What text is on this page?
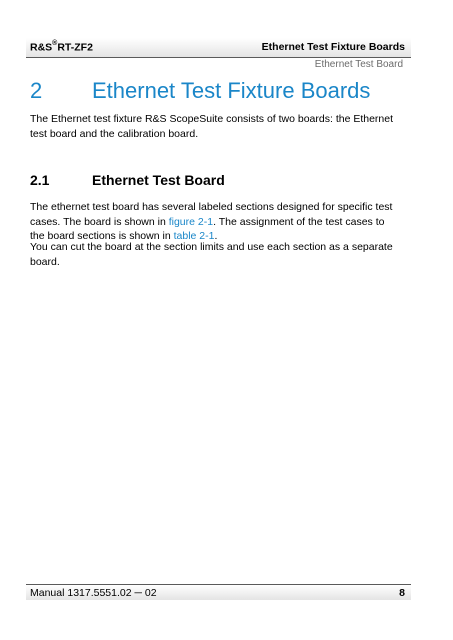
R&S®RT-ZF2	Ethernet Test Fixture Boards
Ethernet Test Board
2 Ethernet Test Fixture Boards

The Ethernet test fixture R&S ScopeSuite consists of two boards: the Ethernet test board and the calibration board.

2.1	Ethernet Test Board

The ethernet test board has several labeled sections designed for specific test cases. The board is shown in figure 2-1. The assignment of the test cases to the board sections is shown in table 2-1.

You can cut the board at the section limits and use each section as a separate board.

Manual 1317.5551.02 ─ 02	8
